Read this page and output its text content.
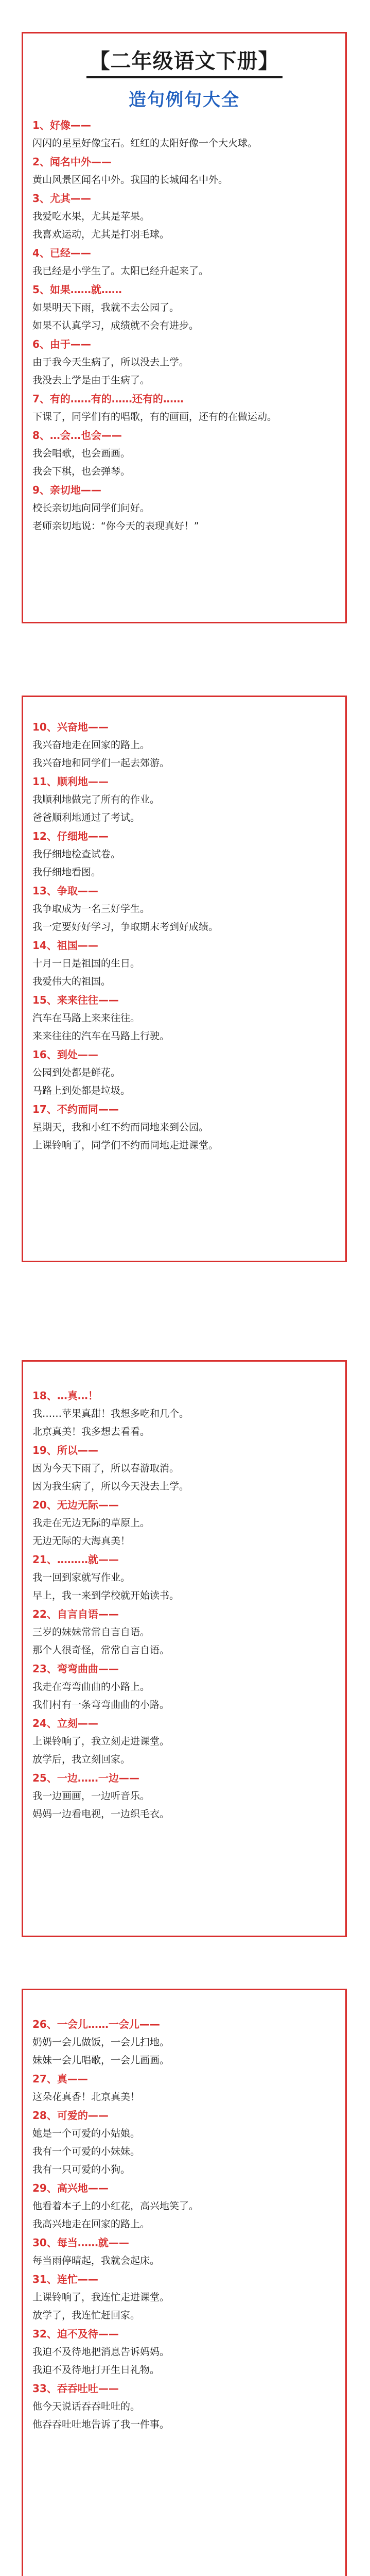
【二年级语文下册】
造句例句大全
1、好像——
闪闪的星星好像宝石。红红的太阳好像一个大火球。
2、闻名中外——
黄山风景区闻名中外。我国的长城闻名中外。
3、尤其——
我爱吃水果，尤其是苹果。
我喜欢运动，尤其是打羽毛球。
4、已经——
我已经是小学生了。太阳已经升起来了。
5、如果……就……
如果明天下雨，我就不去公园了。
如果不认真学习，成绩就不会有进步。
6、由于——
由于我今天生病了，所以没去上学。
我没去上学是由于生病了。
7、有的……有的……还有的……
下课了，同学们有的唱歌，有的画画，还有的在做运动。
8、…会…也会——
我会唱歌，也会画画。
我会下棋，也会弹琴。
9、亲切地——
校长亲切地向同学们问好。
老师亲切地说：“你今天的表现真好！”
10、兴奋地——
我兴奋地走在回家的路上。
我兴奋地和同学们一起去郊游。
11、顺利地——
我顺利地做完了所有的作业。
爸爸顺利地通过了考试。
12、仔细地——
我仔细地检查试卷。
我仔细地看图。
13、争取——
我争取成为一名三好学生。
我一定要好好学习，争取期末考到好成绩。
14、祖国——
十月一日是祖国的生日。
我爱伟大的祖国。
15、来来往往——
汽车在马路上来来往往。
来来往往的汽车在马路上行驶。
16、到处——
公园到处都是鲜花。
马路上到处都是垃圾。
17、不约而同——
星期天，我和小红不约而同地来到公园。
上课铃响了，同学们不约而同地走进课堂。
18、…真…！
我……苹果真甜！我想多吃和几个。
北京真美！我多想去看看。
19、所以——
因为今天下雨了，所以春游取消。
因为我生病了，所以今天没去上学。
20、无边无际——
我走在无边无际的草原上。
无边无际的大海真美！
21、………就——
我一回到家就写作业。
早上，我一来到学校就开始读书。
22、自言自语——
三岁的妹妹常常自言自语。
那个人很奇怪，常常自言自语。
23、弯弯曲曲——
我走在弯弯曲曲的小路上。
我们村有一条弯弯曲曲的小路。
24、立刻——
上课铃响了，我立刻走进课堂。
放学后，我立刻回家。
25、一边……一边——
我一边画画，一边听音乐。
妈妈一边看电视，一边织毛衣。
26、一会儿……一会儿——
奶奶一会儿做饭，一会儿扫地。
妹妹一会儿唱歌，一会儿画画。
27、真——
这朵花真香！北京真美！
28、可爱的——
她是一个可爱的小姑娘。
我有一个可爱的小妹妹。
我有一只可爱的小狗。
29、高兴地——
他看着本子上的小红花，高兴地笑了。
我高兴地走在回家的路上。
30、每当……就——
每当雨停晴起，我就会起床。
31、连忙——
上课铃响了，我连忙走进课堂。
放学了，我连忙赶回家。
32、迫不及待——
我迫不及待地把消息告诉妈妈。
我迫不及待地打开生日礼物。
33、吞吞吐吐——
他今天说话吞吞吐吐的。
他吞吞吐吐地告诉了我一件事。
